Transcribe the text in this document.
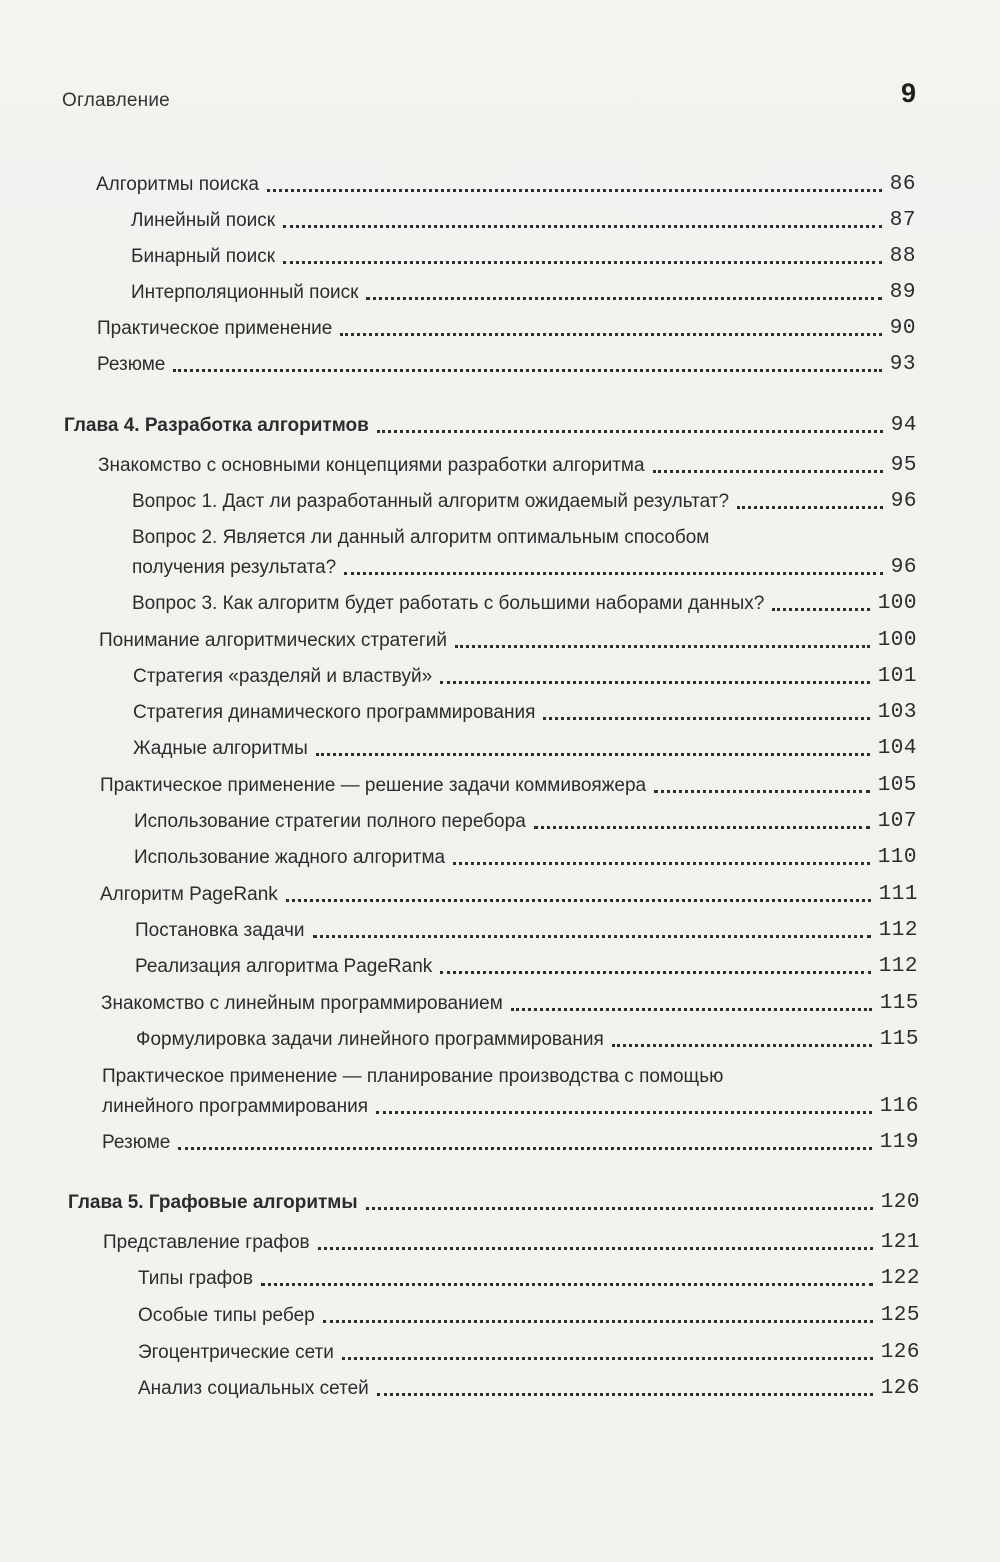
Оглавление	9
Алгоритмы поиска	86
Линейный поиск	87
Бинарный поиск	88
Интерполяционный поиск	89
Практическое применение	90
Резюме	93
Глава 4. Разработка алгоритмов	94
Знакомство с основными концепциями разработки алгоритма	95
Вопрос 1. Даст ли разработанный алгоритм ожидаемый результат?	96
Вопрос 2. Является ли данный алгоритм оптимальным способом
получения результата?	96
Вопрос 3. Как алгоритм будет работать с большими наборами данных?	100
Понимание алгоритмических стратегий	100
Стратегия «разделяй и властвуй»	101
Стратегия динамического программирования	103
Жадные алгоритмы	104
Практическое применение — решение задачи коммивояжера	105
Использование стратегии полного перебора	107
Использование жадного алгоритма	110
Алгоритм PageRank	111
Постановка задачи	112
Реализация алгоритма PageRank	112
Знакомство с линейным программированием	115
Формулировка задачи линейного программирования	115
Практическое применение — планирование производства с помощью
линейного программирования	116
Резюме	119
Глава 5. Графовые алгоритмы	120
Представление графов	121
Типы графов	122
Особые типы ребер	125
Эгоцентрические сети	126
Анализ социальных сетей	126
